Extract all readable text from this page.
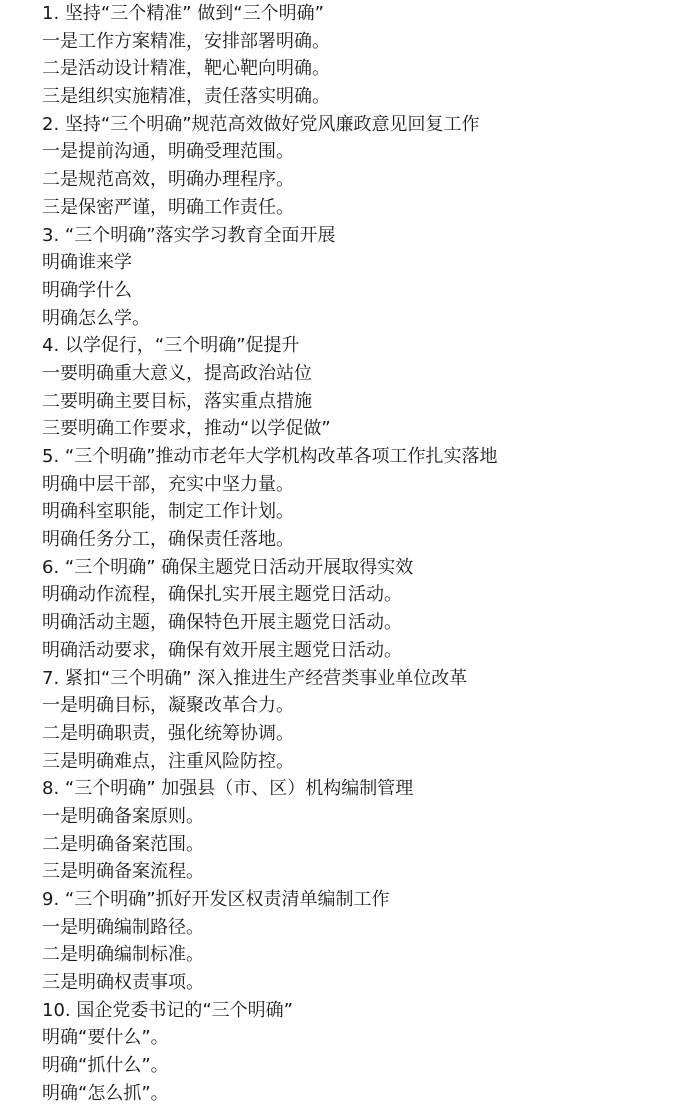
1. 坚持“三个精准” 做到“三个明确”
一是工作方案精准，安排部署明确。
二是活动设计精准，靶心靶向明确。
三是组织实施精准，责任落实明确。
2. 坚持“三个明确”规范高效做好党风廉政意见回复工作
一是提前沟通，明确受理范围。
二是规范高效，明确办理程序。
三是保密严谨，明确工作责任。
3. “三个明确”落实学习教育全面开展
明确谁来学
明确学什么
明确怎么学。
4. 以学促行，“三个明确”促提升
一要明确重大意义，提高政治站位
二要明确主要目标，落实重点措施
三要明确工作要求，推动“以学促做”
5. “三个明确”推动市老年大学机构改革各项工作扎实落地
明确中层干部，充实中坚力量。
明确科室职能，制定工作计划。
明确任务分工，确保责任落地。
6. “三个明确” 确保主题党日活动开展取得实效
明确动作流程，确保扎实开展主题党日活动。
明确活动主题，确保特色开展主题党日活动。
明确活动要求，确保有效开展主题党日活动。
7. 紧扣“三个明确” 深入推进生产经营类事业单位改革
一是明确目标，凝聚改革合力。
二是明确职责，强化统筹协调。
三是明确难点，注重风险防控。
8. “三个明确” 加强县（市、区）机构编制管理
一是明确备案原则。
二是明确备案范围。
三是明确备案流程。
9. “三个明确”抓好开发区权责清单编制工作
一是明确编制路径。
二是明确编制标准。
三是明确权责事项。
10. 国企党委书记的“三个明确”
明确“要什么”。
明确“抓什么”。
明确“怎么抓”。
